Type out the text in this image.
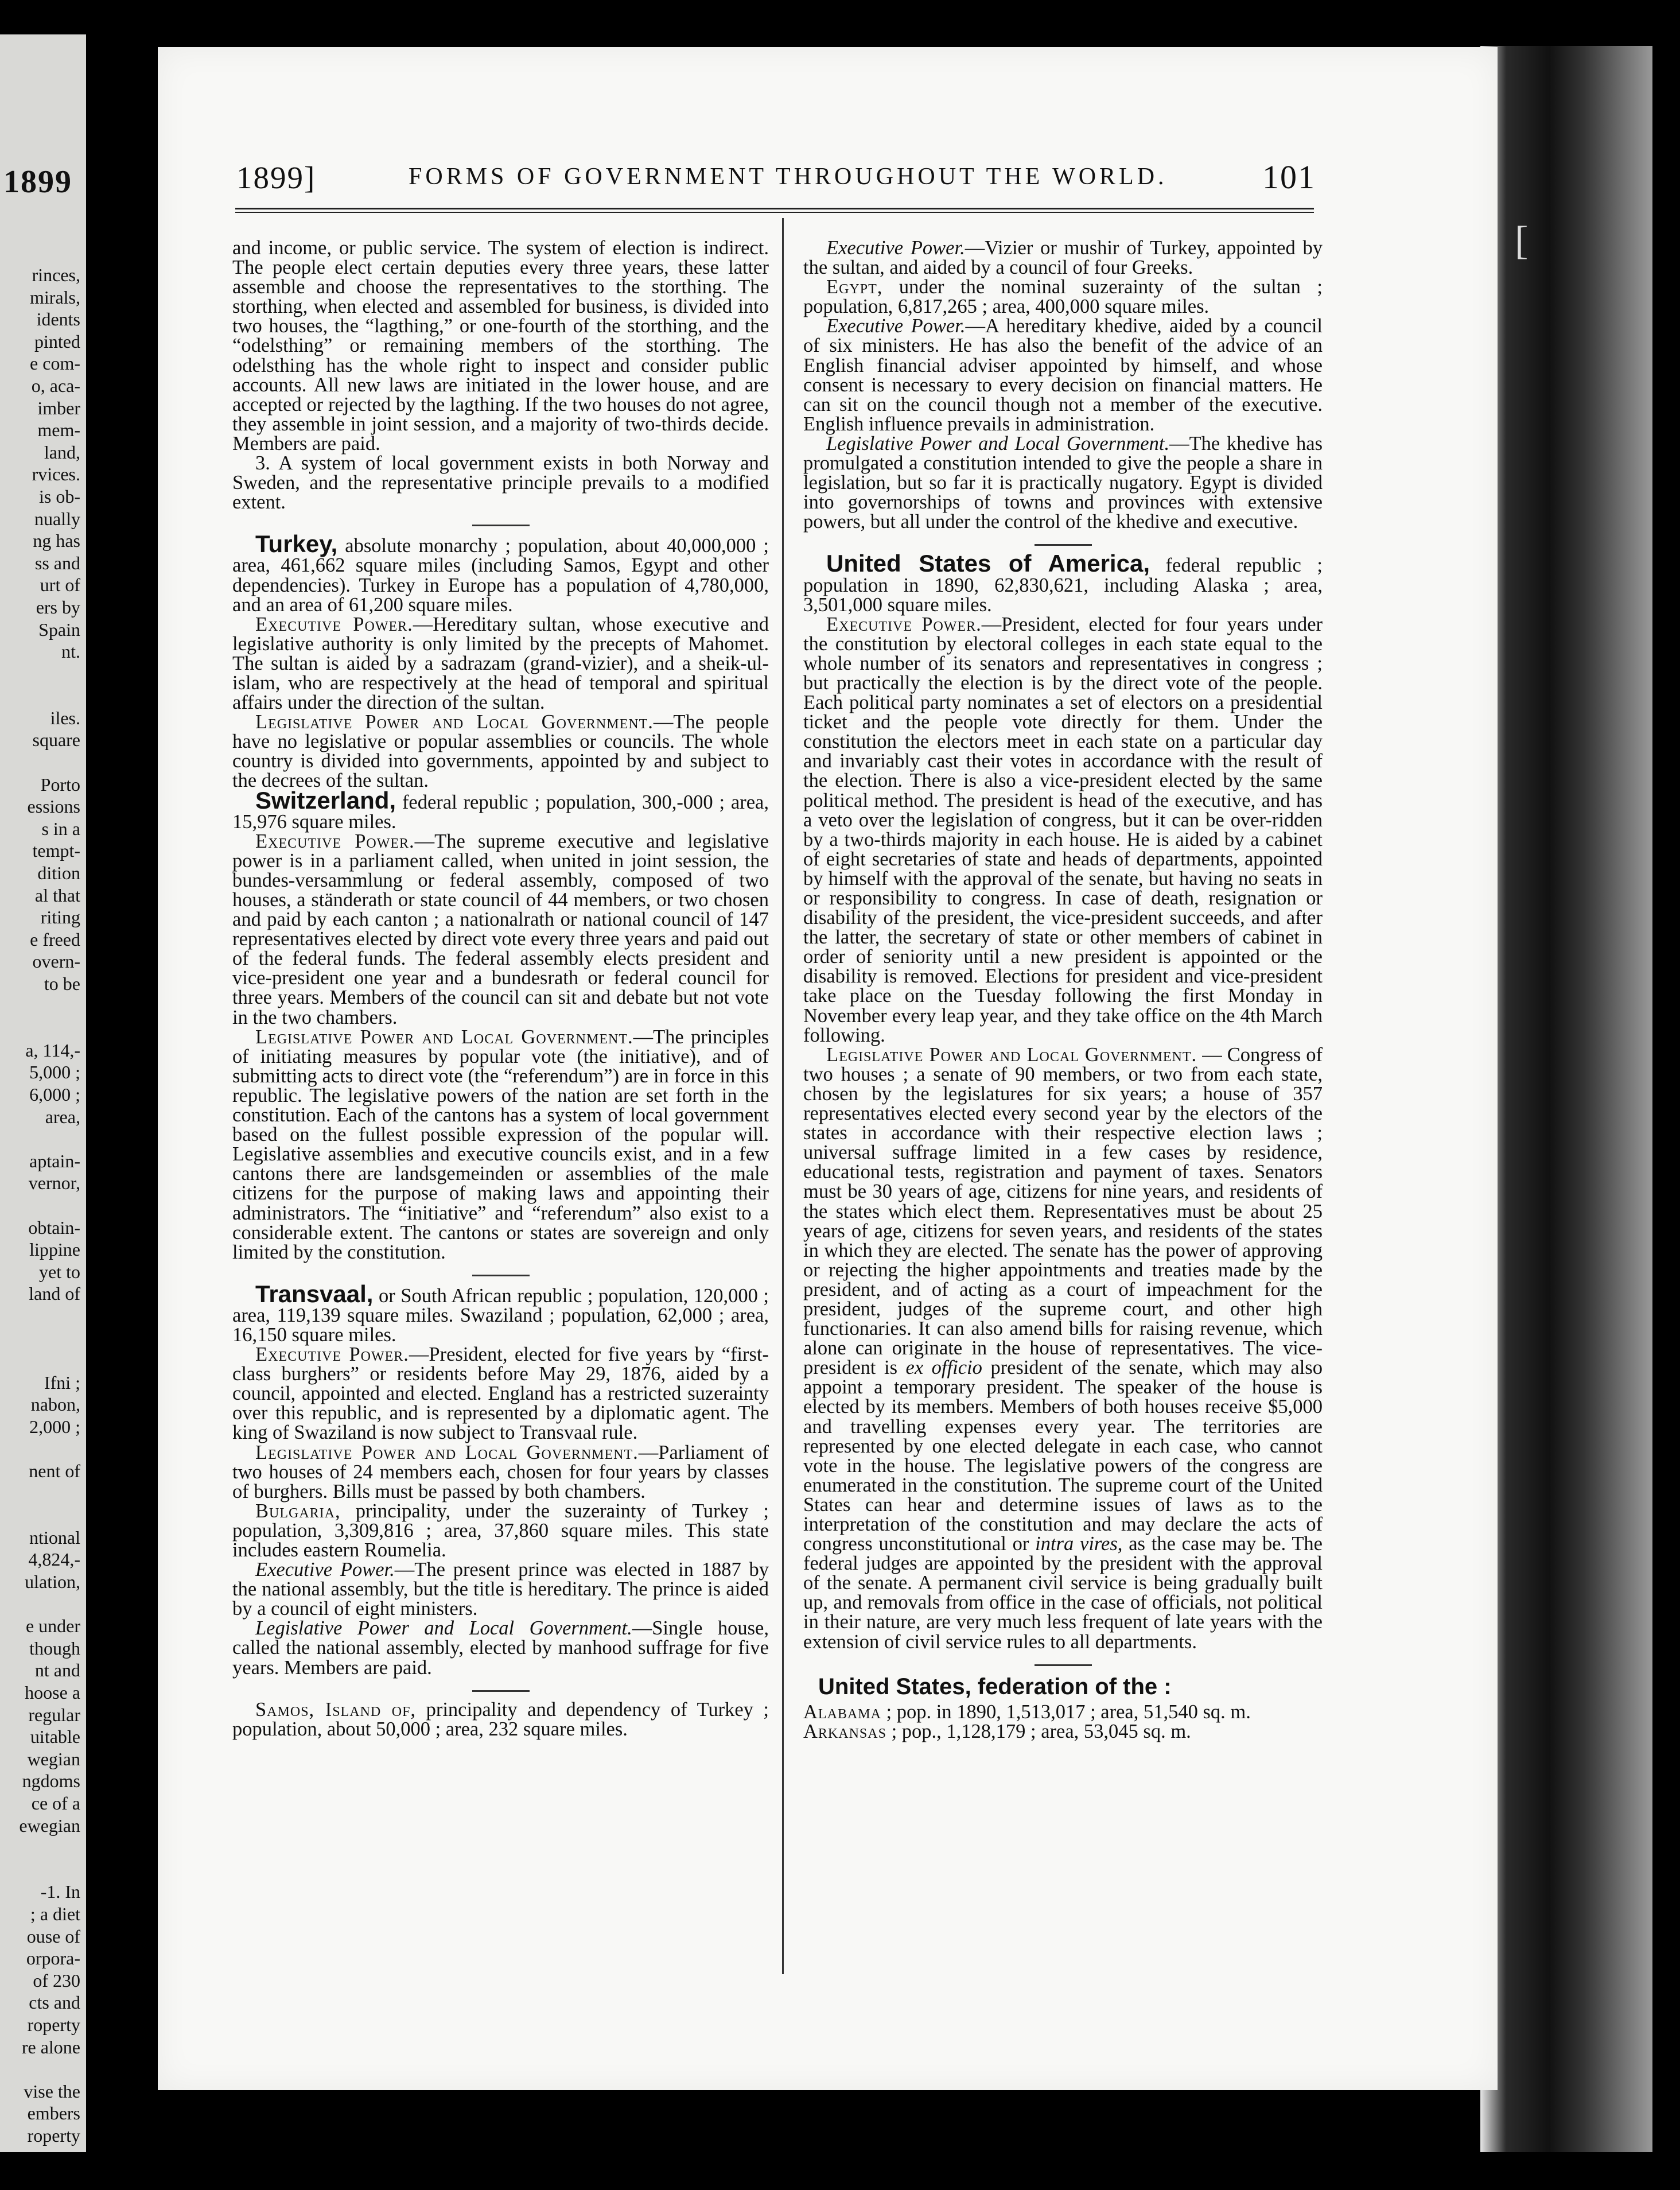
1899
rinces,
mirals,
idents
pinted
e com-
o, aca-
imber
mem-
land,
rvices.
is ob-
nually
ng has
ss and
urt of
ers by
Spain
nt.

iles.
square

Porto
essions
s in a
tempt-
dition
al that
riting
e freed
overn-
to be

a, 114,-
5,000 ;
6,000 ;
area,

aptain-
vernor,

obtain-
lippine
yet to
land of

Ifni ;
nabon,
2,000 ;

nent of

ntional
4,824,-
ulation,

e under
though
nt and
hoose a
regular
uitable
wegian
ngdoms
ce of a
ewegian

-1. In
; a diet
ouse of
orpora-
of 230
cts and
roperty
re alone

vise the
embers
roperty
[
1899]	FORMS OF GOVERNMENT THROUGHOUT THE WORLD.	101

and income, or public service. The system of election is indirect. The people elect certain deputies every three years, these latter assemble and choose the representatives to the storthing. The storthing, when elected and assembled for business, is divided into two houses, the “lagthing,” or one-fourth of the storthing, and the “odelsthing” or remaining members of the storthing. The odelsthing has the whole right to inspect and consider public accounts. All new laws are initiated in the lower house, and are accepted or rejected by the lagthing. If the two houses do not agree, they assemble in joint session, and a majority of two-thirds decide. Members are paid.

3. A system of local government exists in both Norway and Sweden, and the representative principle prevails to a modified extent.

Turkey, absolute monarchy ; population, about 40,000,000 ; area, 461,662 square miles (including Samos, Egypt and other dependencies). Turkey in Europe has a population of 4,780,000, and an area of 61,200 square miles.

Executive Power.—Hereditary sultan, whose executive and legislative authority is only limited by the precepts of Mahomet. The sultan is aided by a sadrazam (grand-vizier), and a sheik-ul-islam, who are respectively at the head of temporal and spiritual affairs under the direction of the sultan.

Legislative Power and Local Government.—The people have no legislative or popular assemblies or councils. The whole country is divided into governments, appointed by and subject to the decrees of the sultan.

Switzerland, federal republic ; population, 300,-000 ; area, 15,976 square miles.

Executive Power.—The supreme executive and legislative power is in a parliament called, when united in joint session, the bundes-versammlung or federal assembly, composed of two houses, a ständerath or state council of 44 members, or two chosen and paid by each canton ; a nationalrath or national council of 147 representatives elected by direct vote every three years and paid out of the federal funds. The federal assembly elects president and vice-president one year and a bundesrath or federal council for three years. Members of the council can sit and debate but not vote in the two chambers.

Legislative Power and Local Government.—The principles of initiating measures by popular vote (the initiative), and of submitting acts to direct vote (the “referendum”) are in force in this republic. The legislative powers of the nation are set forth in the constitution. Each of the cantons has a system of local government based on the fullest possible expression of the popular will. Legislative assemblies and executive councils exist, and in a few cantons there are landsgemeinden or assemblies of the male citizens for the purpose of making laws and appointing their administrators. The “initiative” and “referendum” also exist to a considerable extent. The cantons or states are sovereign and only limited by the constitution.

Transvaal, or South African republic ; population, 120,000 ; area, 119,139 square miles. Swaziland ; population, 62,000 ; area, 16,150 square miles.

Executive Power.—President, elected for five years by “first-class burghers” or residents before May 29, 1876, aided by a council, appointed and elected. England has a restricted suzerainty over this republic, and is represented by a diplomatic agent. The king of Swaziland is now subject to Transvaal rule.

Legislative Power and Local Government.—Parliament of two houses of 24 members each, chosen for four years by classes of burghers. Bills must be passed by both chambers.

Bulgaria, principality, under the suzerainty of Turkey ; population, 3,309,816 ; area, 37,860 square miles. This state includes eastern Roumelia.

Executive Power.—The present prince was elected in 1887 by the national assembly, but the title is hereditary. The prince is aided by a council of eight ministers.

Legislative Power and Local Government.—Single house, called the national assembly, elected by manhood suffrage for five years. Members are paid.

Samos, Island of, principality and dependency of Turkey ; population, about 50,000 ; area, 232 square miles.

Executive Power.—Vizier or mushir of Turkey, appointed by the sultan, and aided by a council of four Greeks.

Egypt, under the nominal suzerainty of the sultan ; population, 6,817,265 ; area, 400,000 square miles.

Executive Power.—A hereditary khedive, aided by a council of six ministers. He has also the benefit of the advice of an English financial adviser appointed by himself, and whose consent is necessary to every decision on financial matters. He can sit on the council though not a member of the executive. English influence prevails in administration.

Legislative Power and Local Government.—The khedive has promulgated a constitution intended to give the people a share in legislation, but so far it is practically nugatory. Egypt is divided into governorships of towns and provinces with extensive powers, but all under the control of the khedive and executive.

United States of America, federal republic ; population in 1890, 62,830,621, including Alaska ; area, 3,501,000 square miles.

Executive Power.—President, elected for four years under the constitution by electoral colleges in each state equal to the whole number of its senators and representatives in congress ; but practically the election is by the direct vote of the people. Each political party nominates a set of electors on a presidential ticket and the people vote directly for them. Under the constitution the electors meet in each state on a particular day and invariably cast their votes in accordance with the result of the election. There is also a vice-president elected by the same political method. The president is head of the executive, and has a veto over the legislation of congress, but it can be over-ridden by a two-thirds majority in each house. He is aided by a cabinet of eight secretaries of state and heads of departments, appointed by himself with the approval of the senate, but having no seats in or responsibility to congress. In case of death, resignation or disability of the president, the vice-president succeeds, and after the latter, the secretary of state or other members of cabinet in order of seniority until a new president is appointed or the disability is removed. Elections for president and vice-president take place on the Tuesday following the first Monday in November every leap year, and they take office on the 4th March following.

Legislative Power and Local Government. — Congress of two houses ; a senate of 90 members, or two from each state, chosen by the legislatures for six years; a house of 357 representatives elected every second year by the electors of the states in accordance with their respective election laws ; universal suffrage limited in a few cases by residence, educational tests, registration and payment of taxes. Senators must be 30 years of age, citizens for nine years, and residents of the states which elect them. Representatives must be about 25 years of age, citizens for seven years, and residents of the states in which they are elected. The senate has the power of approving or rejecting the higher appointments and treaties made by the president, and of acting as a court of impeachment for the president, judges of the supreme court, and other high functionaries. It can also amend bills for raising revenue, which alone can originate in the house of representatives. The vice-president is ex officio president of the senate, which may also appoint a temporary president. The speaker of the house is elected by its members. Members of both houses receive $5,000 and travelling expenses every year. The territories are represented by one elected delegate in each case, who cannot vote in the house. The legislative powers of the congress are enumerated in the constitution. The supreme court of the United States can hear and determine issues of laws as to the interpretation of the constitution and may declare the acts of congress unconstitutional or intra vires, as the case may be. The federal judges are appointed by the president with the approval of the senate. A permanent civil service is being gradually built up, and removals from office in the case of officials, not political in their nature, are very much less frequent of late years with the extension of civil service rules to all departments.

United States, federation of the :

Alabama ; pop. in 1890, 1,513,017 ; area, 51,540 sq. m.

Arkansas ; pop., 1,128,179 ; area, 53,045 sq. m.
